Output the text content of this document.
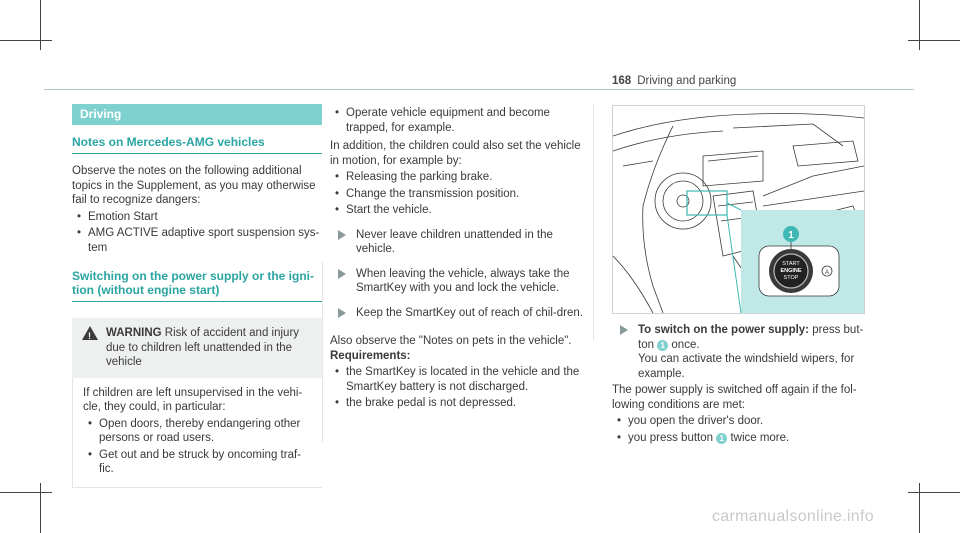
168 Driving and parking
Driving
Notes on Mercedes-AMG vehicles

Observe the notes on the following additional topics in the Supplement, as you may otherwise fail to recognize dangers:

• Emotion Start
• AMG ACTIVE adaptive sport suspension sys-tem
Switching on the power supply or the igni-tion (without engine start)
!
WARNING Risk of accident and injury due to children left unattended in the vehicle

If children are left unsupervised in the vehi-cle, they could, in particular:

• Open doors, thereby endangering other persons or road users.
• Get out and be struck by oncoming traf-fic.
• Operate vehicle equipment and become trapped, for example.

In addition, the children could also set the vehicle in motion, for example by:

• Releasing the parking brake.
• Change the transmission position.
• Start the vehicle.
Never leave children unattended in the vehicle.
When leaving the vehicle, always take the SmartKey with you and lock the vehicle.
Keep the SmartKey out of reach of chil-dren.

Also observe the "Notes on pets in the vehicle".

Requirements:

• the SmartKey is located in the vehicle and the SmartKey battery is not discharged.
• the brake pedal is not depressed.
START
ENGINE
STOP
A
1
To switch on the power supply: press but-ton 1 once.
You can activate the windshield wipers, for example.

The power supply is switched off again if the fol-lowing conditions are met:

• you open the driver's door.
• you press button 1 twice more.
carmanualsonline.info
